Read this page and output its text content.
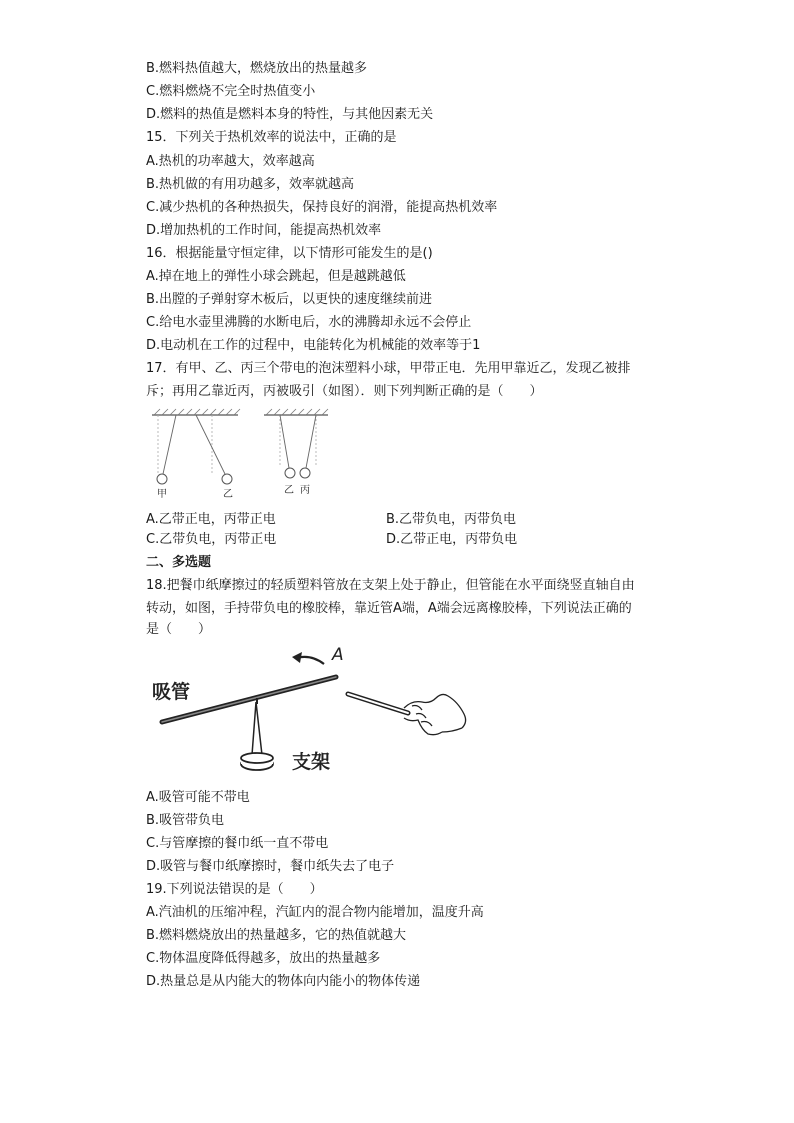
B.燃料热值越大，燃烧放出的热量越多
C.燃料燃烧不完全时热值变小
D.燃料的热值是燃料本身的特性，与其他因素无关
15．下列关于热机效率的说法中，正确的是
A.热机的功率越大，效率越高
B.热机做的有用功越多，效率就越高
C.减少热机的各种热损失，保持良好的润滑，能提高热机效率
D.增加热机的工作时间，能提高热机效率
16．根据能量守恒定律，以下情形可能发生的是()
A.掉在地上的弹性小球会跳起，但是越跳越低
B.出膛的子弹射穿木板后，以更快的速度继续前进
C.给电水壶里沸腾的水断电后，水的沸腾却永远不会停止
D.电动机在工作的过程中，电能转化为机械能的效率等于1
17．有甲、乙、丙三个带电的泡沫塑料小球，甲带正电．先用甲靠近乙，发现乙被排
斥；再用乙靠近丙，丙被吸引（如图）．则下列判断正确的是（　　）
甲	乙	乙 丙
A.乙带正电，丙带正电	B.乙带负电，丙带负电
C.乙带负电，丙带正电	D.乙带正电，丙带负电
二、多选题
18.把餐巾纸摩擦过的轻质塑料管放在支架上处于静止，但管能在水平面绕竖直轴自由
转动，如图，手持带负电的橡胶棒，靠近管A端，A端会远离橡胶棒，下列说法正确的
是（　　）
A
吸管
支架
A.吸管可能不带电
B.吸管带负电
C.与管摩擦的餐巾纸一直不带电
D.吸管与餐巾纸摩擦时，餐巾纸失去了电子
19.下列说法错误的是（　　）
A.汽油机的压缩冲程，汽缸内的混合物内能增加，温度升高
B.燃料燃烧放出的热量越多，它的热值就越大
C.物体温度降低得越多，放出的热量越多
D.热量总是从内能大的物体向内能小的物体传递
